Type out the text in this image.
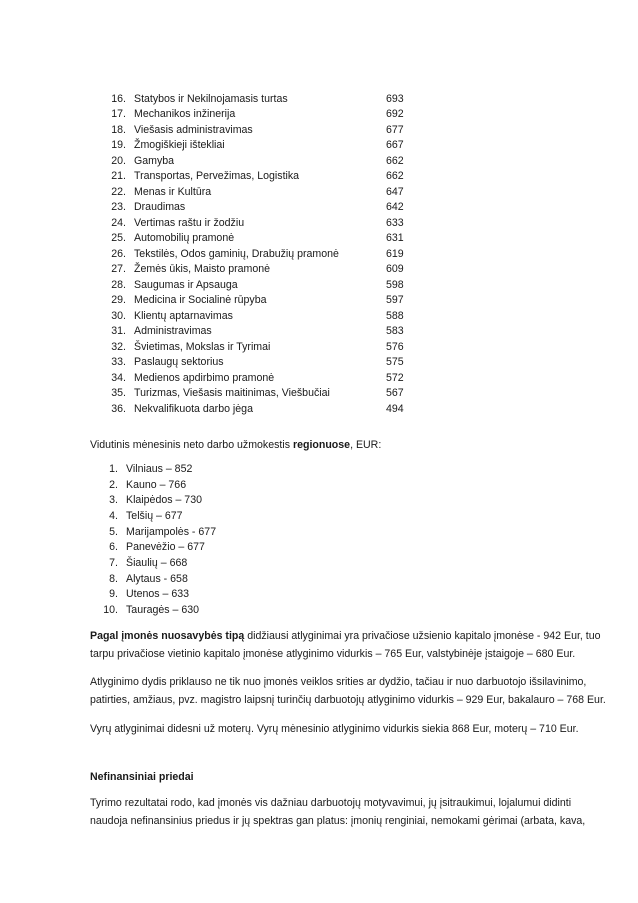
16. Statybos ir Nekilnojamasis turtas	693
17. Mechanikos inžinerija	692
18. Viešasis administravimas	677
19. Žmogiškieji ištekliai	667
20. Gamyba	662
21. Transportas, Pervežimas, Logistika	662
22. Menas ir Kultūra	647
23. Draudimas	642
24. Vertimas raštu ir žodžiu	633
25. Automobilių pramonė	631
26. Tekstilės, Odos gaminių, Drabužių pramonė	619
27. Žemės ūkis, Maisto pramonė	609
28. Saugumas ir Apsauga	598
29. Medicina ir Socialinė rūpyba	597
30. Klientų aptarnavimas	588
31. Administravimas	583
32. Švietimas, Mokslas ir Tyrimai	576
33. Paslaugų sektorius	575
34. Medienos apdirbimo pramonė	572
35. Turizmas, Viešasis maitinimas, Viešbučiai	567
36. Nekvalifikuota darbo jėga	494
Vidutinis mėnesinis neto darbo užmokestis regionuose, EUR:
1. Vilniaus – 852
2. Kauno – 766
3. Klaipėdos – 730
4. Telšių – 677
5. Marijampolės - 677
6. Panevėžio – 677
7. Šiaulių – 668
8. Alytaus - 658
9. Utenos – 633
10. Tauragės – 630
Pagal įmonės nuosavybės tipą didžiausi atlyginimai yra privačiose užsienio kapitalo įmonėse - 942 Eur, tuo tarpu privačiose vietinio kapitalo įmonėse atlyginimo vidurkis – 765 Eur, valstybinėje įstaigoje – 680 Eur.
Atlyginimo dydis priklauso ne tik nuo įmonės veiklos srities ar dydžio, tačiau ir nuo darbuotojo išsilavinimo, patirties, amžiaus, pvz. magistro laipsnį turinčių darbuotojų atlyginimo vidurkis – 929 Eur, bakalauro – 768 Eur.
Vyrų atlyginimai didesni už moterų. Vyrų mėnesinio atlyginimo vidurkis siekia 868 Eur, moterų – 710 Eur.
Nefinansiniai priedai
Tyrimo rezultatai rodo, kad įmonės vis dažniau darbuotojų motyvavimui, jų įsitraukimui, lojalumui didinti naudoja nefinansinius priedus ir jų spektras gan platus: įmonių renginiai, nemokami gėrimai (arbata, kava,
